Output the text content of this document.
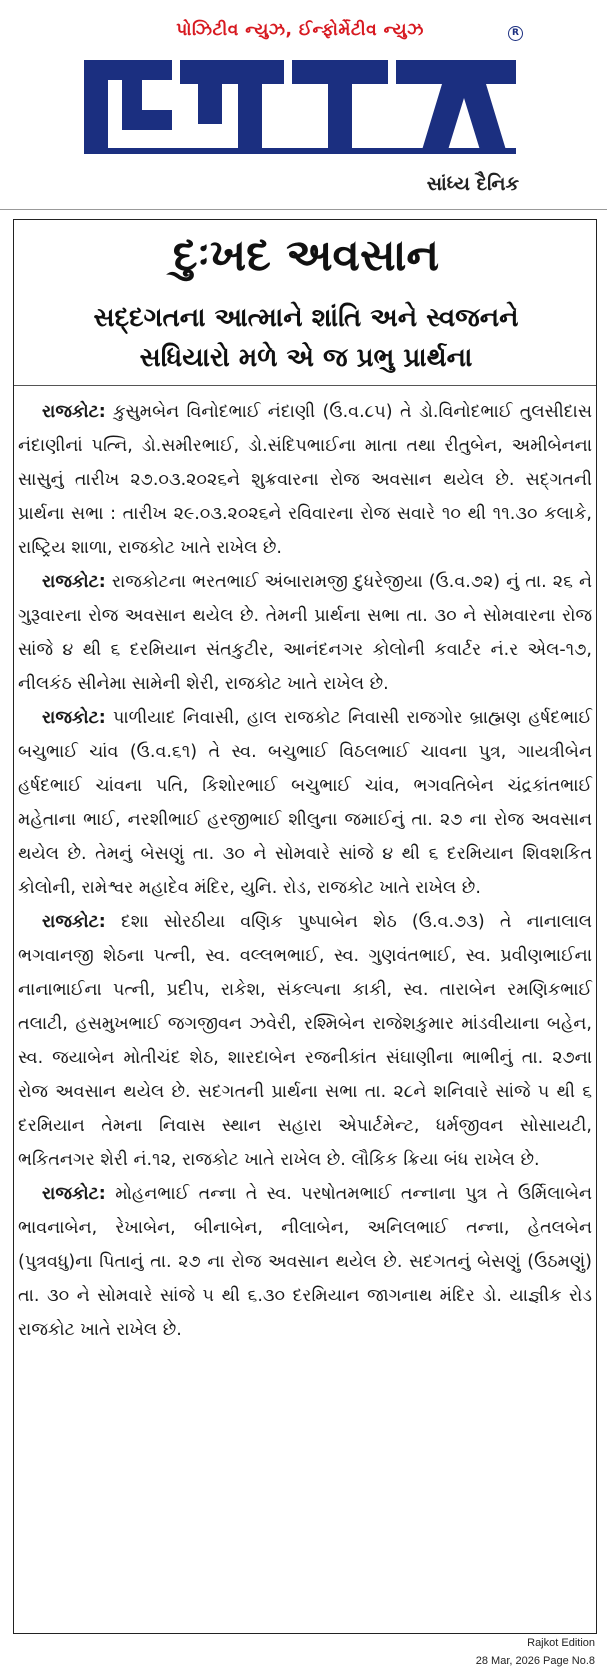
પોઝિટીવ ન્યુઝ, ઈન્ફોર્મેટીવ ન્યુઝ	R
સાંધ્ય દૈનિક
દુઃખદ અવસાન
સદ્દગતના આત્માને શાંતિ અને સ્વજનને
સધિયારો મળે એ જ પ્રભુ પ્રાર્થના

રાજકોટ: કુસુમબેન વિનોદભાઈ નંદાણી (ઉ.વ.૮૫) તે ડો.વિનોદભાઈ તુલસીદાસ નંદાણીનાં પત્નિ, ડો.સમીરભાઈ, ડો.સંદિપભાઈના માતા તથા રીતુબેન, અમીબેનના સાસુનું તારીખ ૨૭.૦૩.૨૦૨૬ને શુક્રવારના રોજ અવસાન થયેલ છે. સદ્ગતની પ્રાર્થના સભા : તારીખ ૨૯.૦૩.૨૦૨૬ને રવિવારના રોજ સવારે ૧૦ થી ૧૧.૩૦ કલાકે, રાષ્ટ્રિય શાળા, રાજકોટ ખાતે રાખેલ છે.

રાજકોટ: રાજકોટના ભરતભાઈ અંબારામજી દુધરેજીયા (ઉ.વ.૭૨) નું તા. ૨૬ ને ગુરૂવારના રોજ અવસાન થયેલ છે. તેમની પ્રાર્થના સભા તા. ૩૦ ને સોમવારના રોજ સાંજે ૪ થી ૬ દરમિયાન સંતકુટીર, આનંદનગર કોલોની કવાર્ટર નં.ર એલ-૧૭, નીલકંઠ સીનેમા સામેની શેરી, રાજકોટ ખાતે રાખેલ છે.

રાજકોટ: પાળીયાદ નિવાસી, હાલ રાજકોટ નિવાસી રાજગોર બ્રાહ્મણ હર્ષદભાઈ બચુભાઈ ચાંવ (ઉ.વ.૬૧) તે સ્વ. બચુભાઈ વિઠલભાઈ ચાવના પુત્ર, ગાયત્રીબેન હર્ષદભાઈ ચાંવના પતિ, કિશોરભાઈ બચુભાઈ ચાંવ, ભગવતિબેન ચંદ્રકાંતભાઈ મહેતાના ભાઈ, નરશીભાઈ હરજીભાઈ શીલુના જમાઈનું તા. ૨૭ ના રોજ અવસાન થયેલ છે. તેમનું બેસણું તા. ૩૦ ને સોમવારે સાંજે ૪ થી ૬ દરમિયાન શિવશકિત કોલોની, રામેશ્વર મહાદેવ મંદિર, યુનિ. રોડ, રાજકોટ ખાતે રાખેલ છે.

રાજકોટ: દશા સોરઠીયા વણિક પુષ્પાબેન શેઠ (ઉ.વ.૭૩) તે નાનાલાલ ભગવાનજી શેઠના પત્ની, સ્વ. વલ્લભભાઈ, સ્વ. ગુણવંતભાઈ, સ્વ. પ્રવીણભાઈના નાનાભાઈના પત્ની, પ્રદીપ, રાકેશ, સંકલ્પના કાકી, સ્વ. તારાબેન રમણિકભાઈ તલાટી, હસમુખભાઈ જગજીવન ઝવેરી, રશ્મિબેન રાજેશકુમાર માંડવીયાના બહેન, સ્વ. જયાબેન મોતીચંદ શેઠ, શારદાબેન રજનીકાંત સંઘાણીના ભાભીનું તા. ૨૭ના રોજ અવસાન થયેલ છે. સદગતની પ્રાર્થના સભા તા. ૨૮ને શનિવારે સાંજે ૫ થી ૬ દરમિયાન તેમના નિવાસ સ્થાન સહારા એપાર્ટમેન્ટ, ધર્મજીવન સોસાયટી, ભકિતનગર શેરી નં.૧૨, રાજકોટ ખાતે રાખેલ છે. લૌકિક ક્રિયા બંધ રાખેલ છે.

રાજકોટ: મોહનભાઈ તન્ના તે સ્વ. પરષોતમભાઈ તન્નાના પુત્ર તે ઉર્મિલાબેન ભાવનાબેન, રેખાબેન, બીનાબેન, નીલાબેન, અનિલભાઈ તન્ના, હેતલબેન (પુત્રવધુ)ના પિતાનું તા. ૨૭ ના રોજ અવસાન થયેલ છે. સદગતનું બેસણું (ઉઠમણું) તા. ૩૦ ને સોમવારે સાંજે ૫ થી ૬.૩૦ દરમિયાન જાગનાથ મંદિર ડો. યાજ્ઞીક રોડ રાજકોટ ખાતે રાખેલ છે.

Rajkot Edition
28 Mar, 2026 Page No.8
